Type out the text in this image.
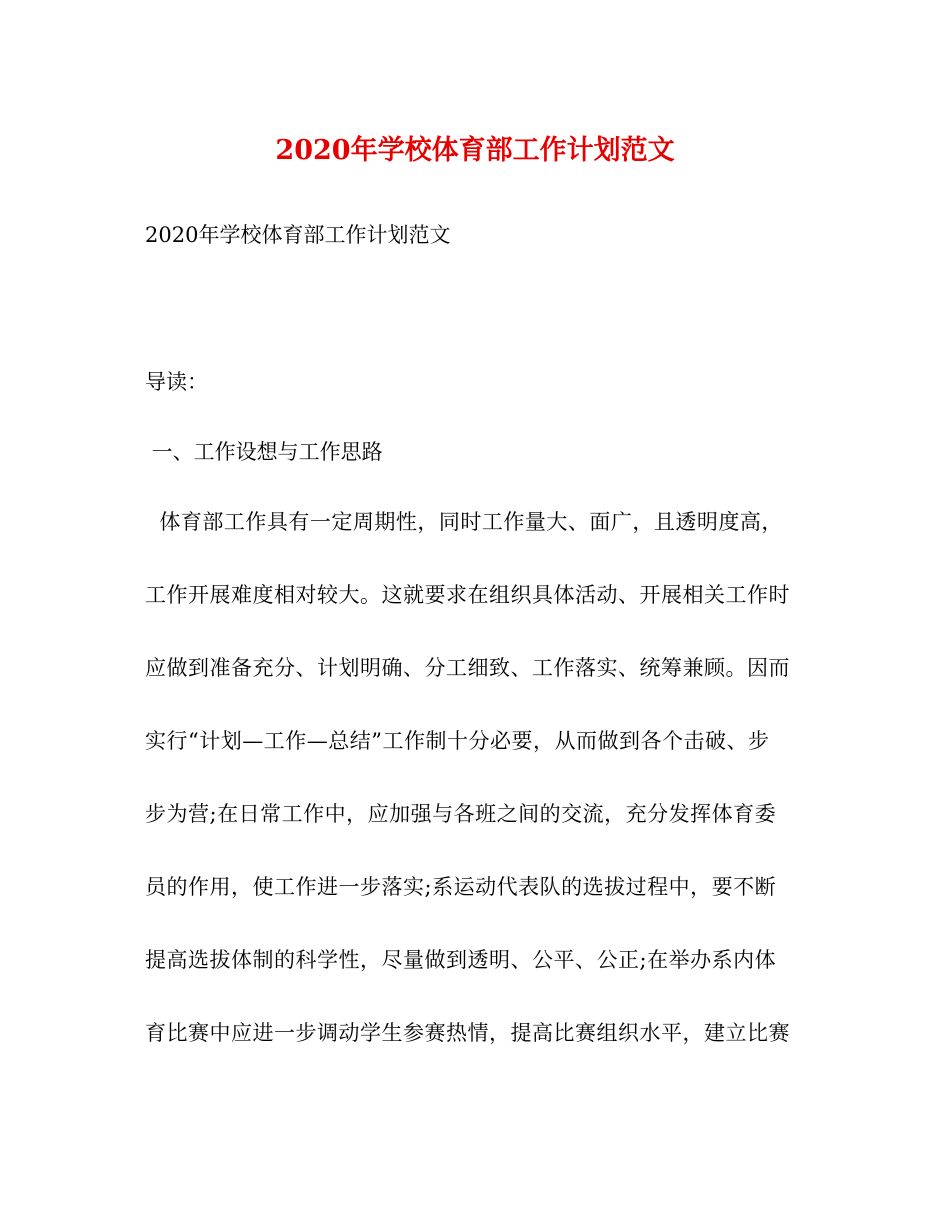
2020年学校体育部工作计划范文

2020年学校体育部工作计划范文

导读：

一、工作设想与工作思路

体育部工作具有一定周期性，同时工作量大、面广，且透明度高，
工作开展难度相对较大。这就要求在组织具体活动、开展相关工作时
应做到准备充分、计划明确、分工细致、工作落实、统筹兼顾。因而
实行“计划—工作—总结”工作制十分必要，从而做到各个击破、步
步为营;在日常工作中，应加强与各班之间的交流，充分发挥体育委
员的作用，使工作进一步落实;系运动代表队的选拔过程中，要不断
提高选拔体制的科学性，尽量做到透明、公平、公正;在举办系内体
育比赛中应进一步调动学生参赛热情，提高比赛组织水平，建立比赛
